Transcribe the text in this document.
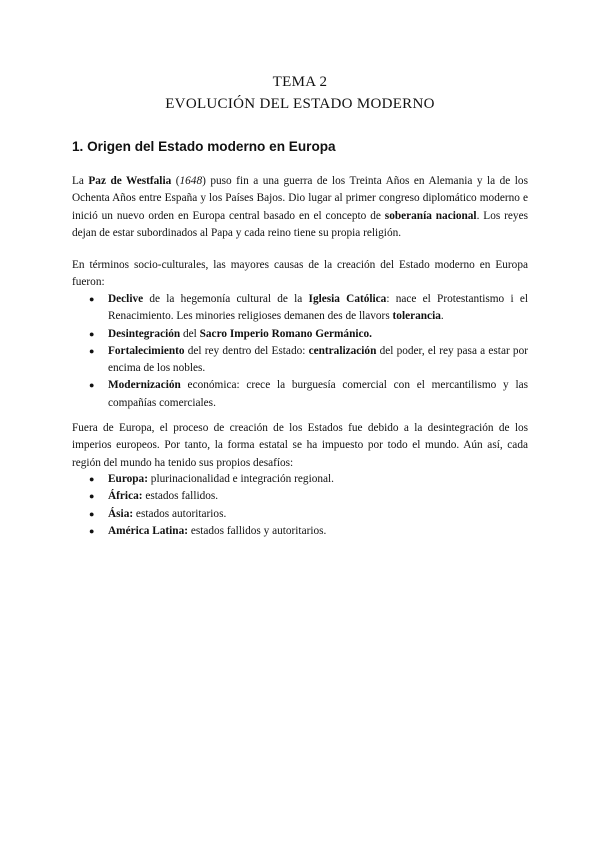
TEMA 2
EVOLUCIÓN DEL ESTADO MODERNO
1. Origen del Estado moderno en Europa
La Paz de Westfalia (1648) puso fin a una guerra de los Treinta Años en Alemania y la de los Ochenta Años entre España y los Países Bajos. Dio lugar al primer congreso diplomático moderno e inició un nuevo orden en Europa central basado en el concepto de soberanía nacional. Los reyes dejan de estar subordinados al Papa y cada reino tiene su propia religión.
En términos socio-culturales, las mayores causas de la creación del Estado moderno en Europa fueron:
● Declive de la hegemonía cultural de la Iglesia Católica: nace el Protestantismo i el Renacimiento. Les minories religioses demanen des de llavors tolerancia.
● Desintegración del Sacro Imperio Romano Germánico.
● Fortalecimiento del rey dentro del Estado: centralización del poder, el rey pasa a estar por encima de los nobles.
● Modernización económica: crece la burguesía comercial con el mercantilismo y las compañías comerciales.
Fuera de Europa, el proceso de creación de los Estados fue debido a la desintegración de los imperios europeos. Por tanto, la forma estatal se ha impuesto por todo el mundo. Aún así, cada región del mundo ha tenido sus propios desafíos:
● Europa: plurinacionalidad e integración regional.
● África: estados fallidos.
● Ásia: estados autoritarios.
● América Latina: estados fallidos y autoritarios.
